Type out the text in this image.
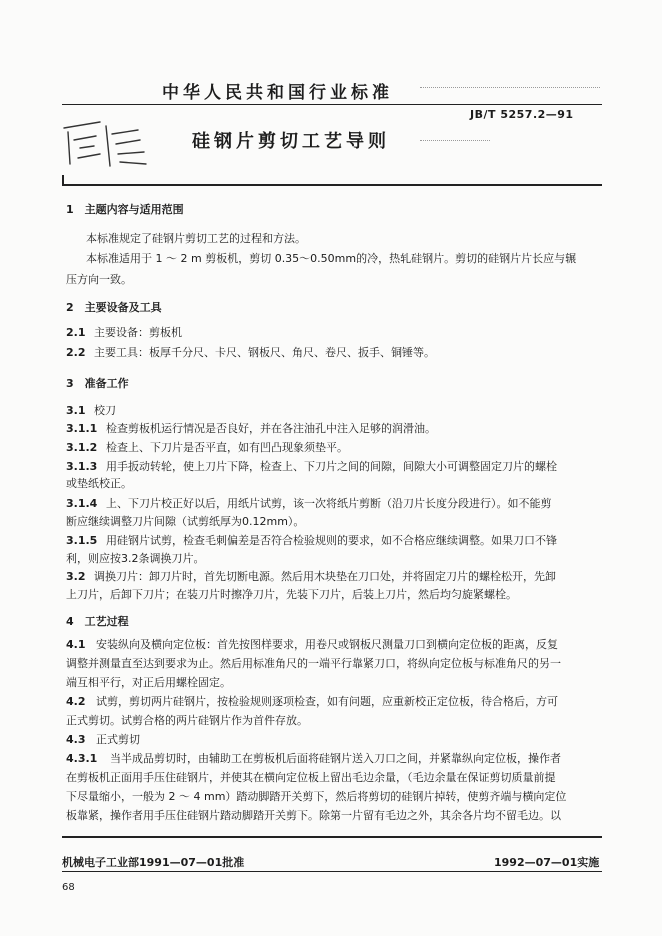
中华人民共和国行业标准
JB/T 5257.2—91
硅钢片剪切工艺导则
1　主题内容与适用范围
本标准规定了硅钢片剪切工艺的过程和方法。
本标准适用于 1 ～ 2 m 剪板机，剪切 0.35～0.50mm的冷，热轧硅钢片。剪切的硅钢片片长应与辗
压方向一致。
2　主要设备及工具
2.1 主要设备：剪板机
2.2 主要工具：板厚千分尺、卡尺、钢板尺、角尺、卷尺、扳手、铜锤等。
3　准备工作
3.1 校刀
3.1.1 检查剪板机运行情况是否良好，并在各注油孔中注入足够的润滑油。
3.1.2 检查上、下刀片是否平直，如有凹凸现象须垫平。
3.1.3 用手扳动转轮，使上刀片下降，检查上、下刀片之间的间隙，间隙大小可调整固定刀片的螺栓
或垫纸校正。
3.1.4 上、下刀片校正好以后，用纸片试剪，该一次将纸片剪断（沿刀片长度分段进行）。如不能剪
断应继续调整刀片间隙（试剪纸厚为0.12mm）。
3.1.5 用硅钢片试剪，检查毛刺偏差是否符合检验规则的要求，如不合格应继续调整。如果刀口不锋
利，则应按3.2条调换刀片。
3.2 调换刀片：卸刀片时，首先切断电源。然后用木块垫在刀口处，并将固定刀片的螺栓松开，先卸
上刀片，后卸下刀片；在装刀片时擦净刀片，先装下刀片，后装上刀片，然后均匀旋紧螺栓。
4　工艺过程
4.1 安装纵向及横向定位板：首先按图样要求，用卷尺或钢板尺测量刀口到横向定位板的距离，反复
调整并测量直至达到要求为止。然后用标准角尺的一端平行靠紧刀口，将纵向定位板与标准角尺的另一
端互相平行，对正后用螺栓固定。
4.2 试剪，剪切两片硅钢片，按检验规则逐项检查，如有问题，应重新校正定位板，待合格后，方可
正式剪切。试剪合格的两片硅钢片作为首件存放。
4.3 正式剪切
4.3.1 当半成品剪切时，由辅助工在剪板机后面将硅钢片送入刀口之间，并紧靠纵向定位板，操作者
在剪板机正面用手压住硅钢片，并使其在横向定位板上留出毛边余量，（毛边余量在保证剪切质量前提
下尽量缩小，一般为 2 ～ 4 mm）踏动脚踏开关剪下，然后将剪切的硅钢片掉转，使剪齐端与横向定位
板靠紧，操作者用手压住硅钢片踏动脚踏开关剪下。除第一片留有毛边之外，其余各片均不留毛边。以
机械电子工业部1991—07—01批准	1992—07—01实施
68
